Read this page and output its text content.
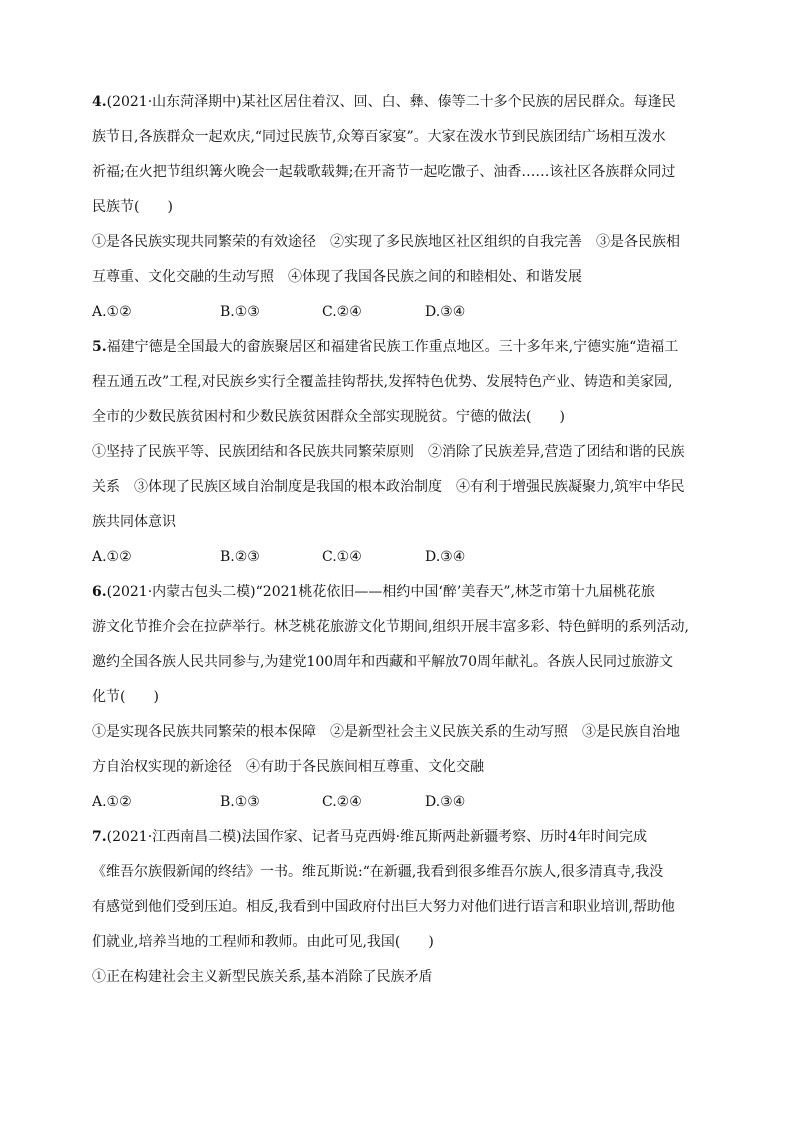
4.(2021·山东菏泽期中)某社区居住着汉、回、白、彝、傣等二十多个民族的居民群众。每逢民

族节日,各族群众一起欢庆,“同过民族节,众筹百家宴”。大家在泼水节到民族团结广场相互泼水

祈福;在火把节组织篝火晚会一起载歌载舞;在开斋节一起吃馓子、油香……该社区各族群众同过

民族节(　　)

①是各民族实现共同繁荣的有效途径　②实现了多民族地区社区组织的自我完善　③是各民族相

互尊重、文化交融的生动写照　④体现了我国各民族之间的和睦相处、和谐发展

A.①②	B.①③	C.②④	D.③④

5.福建宁德是全国最大的畲族聚居区和福建省民族工作重点地区。三十多年来,宁德实施“造福工

程五通五改”工程,对民族乡实行全覆盖挂钩帮扶,发挥特色优势、发展特色产业、铸造和美家园,

全市的少数民族贫困村和少数民族贫困群众全部实现脱贫。宁德的做法(　　)

①坚持了民族平等、民族团结和各民族共同繁荣原则　②消除了民族差异,营造了团结和谐的民族

关系　③体现了民族区域自治制度是我国的根本政治制度　④有利于增强民族凝聚力,筑牢中华民

族共同体意识

A.①②	B.②③	C.①④	D.③④

6.(2021·内蒙古包头二模)“2021桃花依旧——相约中国‘醉’美春天”,林芝市第十九届桃花旅

游文化节推介会在拉萨举行。林芝桃花旅游文化节期间,组织开展丰富多彩、特色鲜明的系列活动,

邀约全国各族人民共同参与,为建党100周年和西藏和平解放70周年献礼。各族人民同过旅游文

化节(　　)

①是实现各民族共同繁荣的根本保障　②是新型社会主义民族关系的生动写照　③是民族自治地

方自治权实现的新途径　④有助于各民族间相互尊重、文化交融

A.①②	B.①③	C.②④	D.③④

7.(2021·江西南昌二模)法国作家、记者马克西姆·维瓦斯两赴新疆考察、历时4年时间完成

《维吾尔族假新闻的终结》一书。维瓦斯说:“在新疆,我看到很多维吾尔族人,很多清真寺,我没

有感觉到他们受到压迫。相反,我看到中国政府付出巨大努力对他们进行语言和职业培训,帮助他

们就业,培养当地的工程师和教师。由此可见,我国(　　)

①正在构建社会主义新型民族关系,基本消除了民族矛盾
